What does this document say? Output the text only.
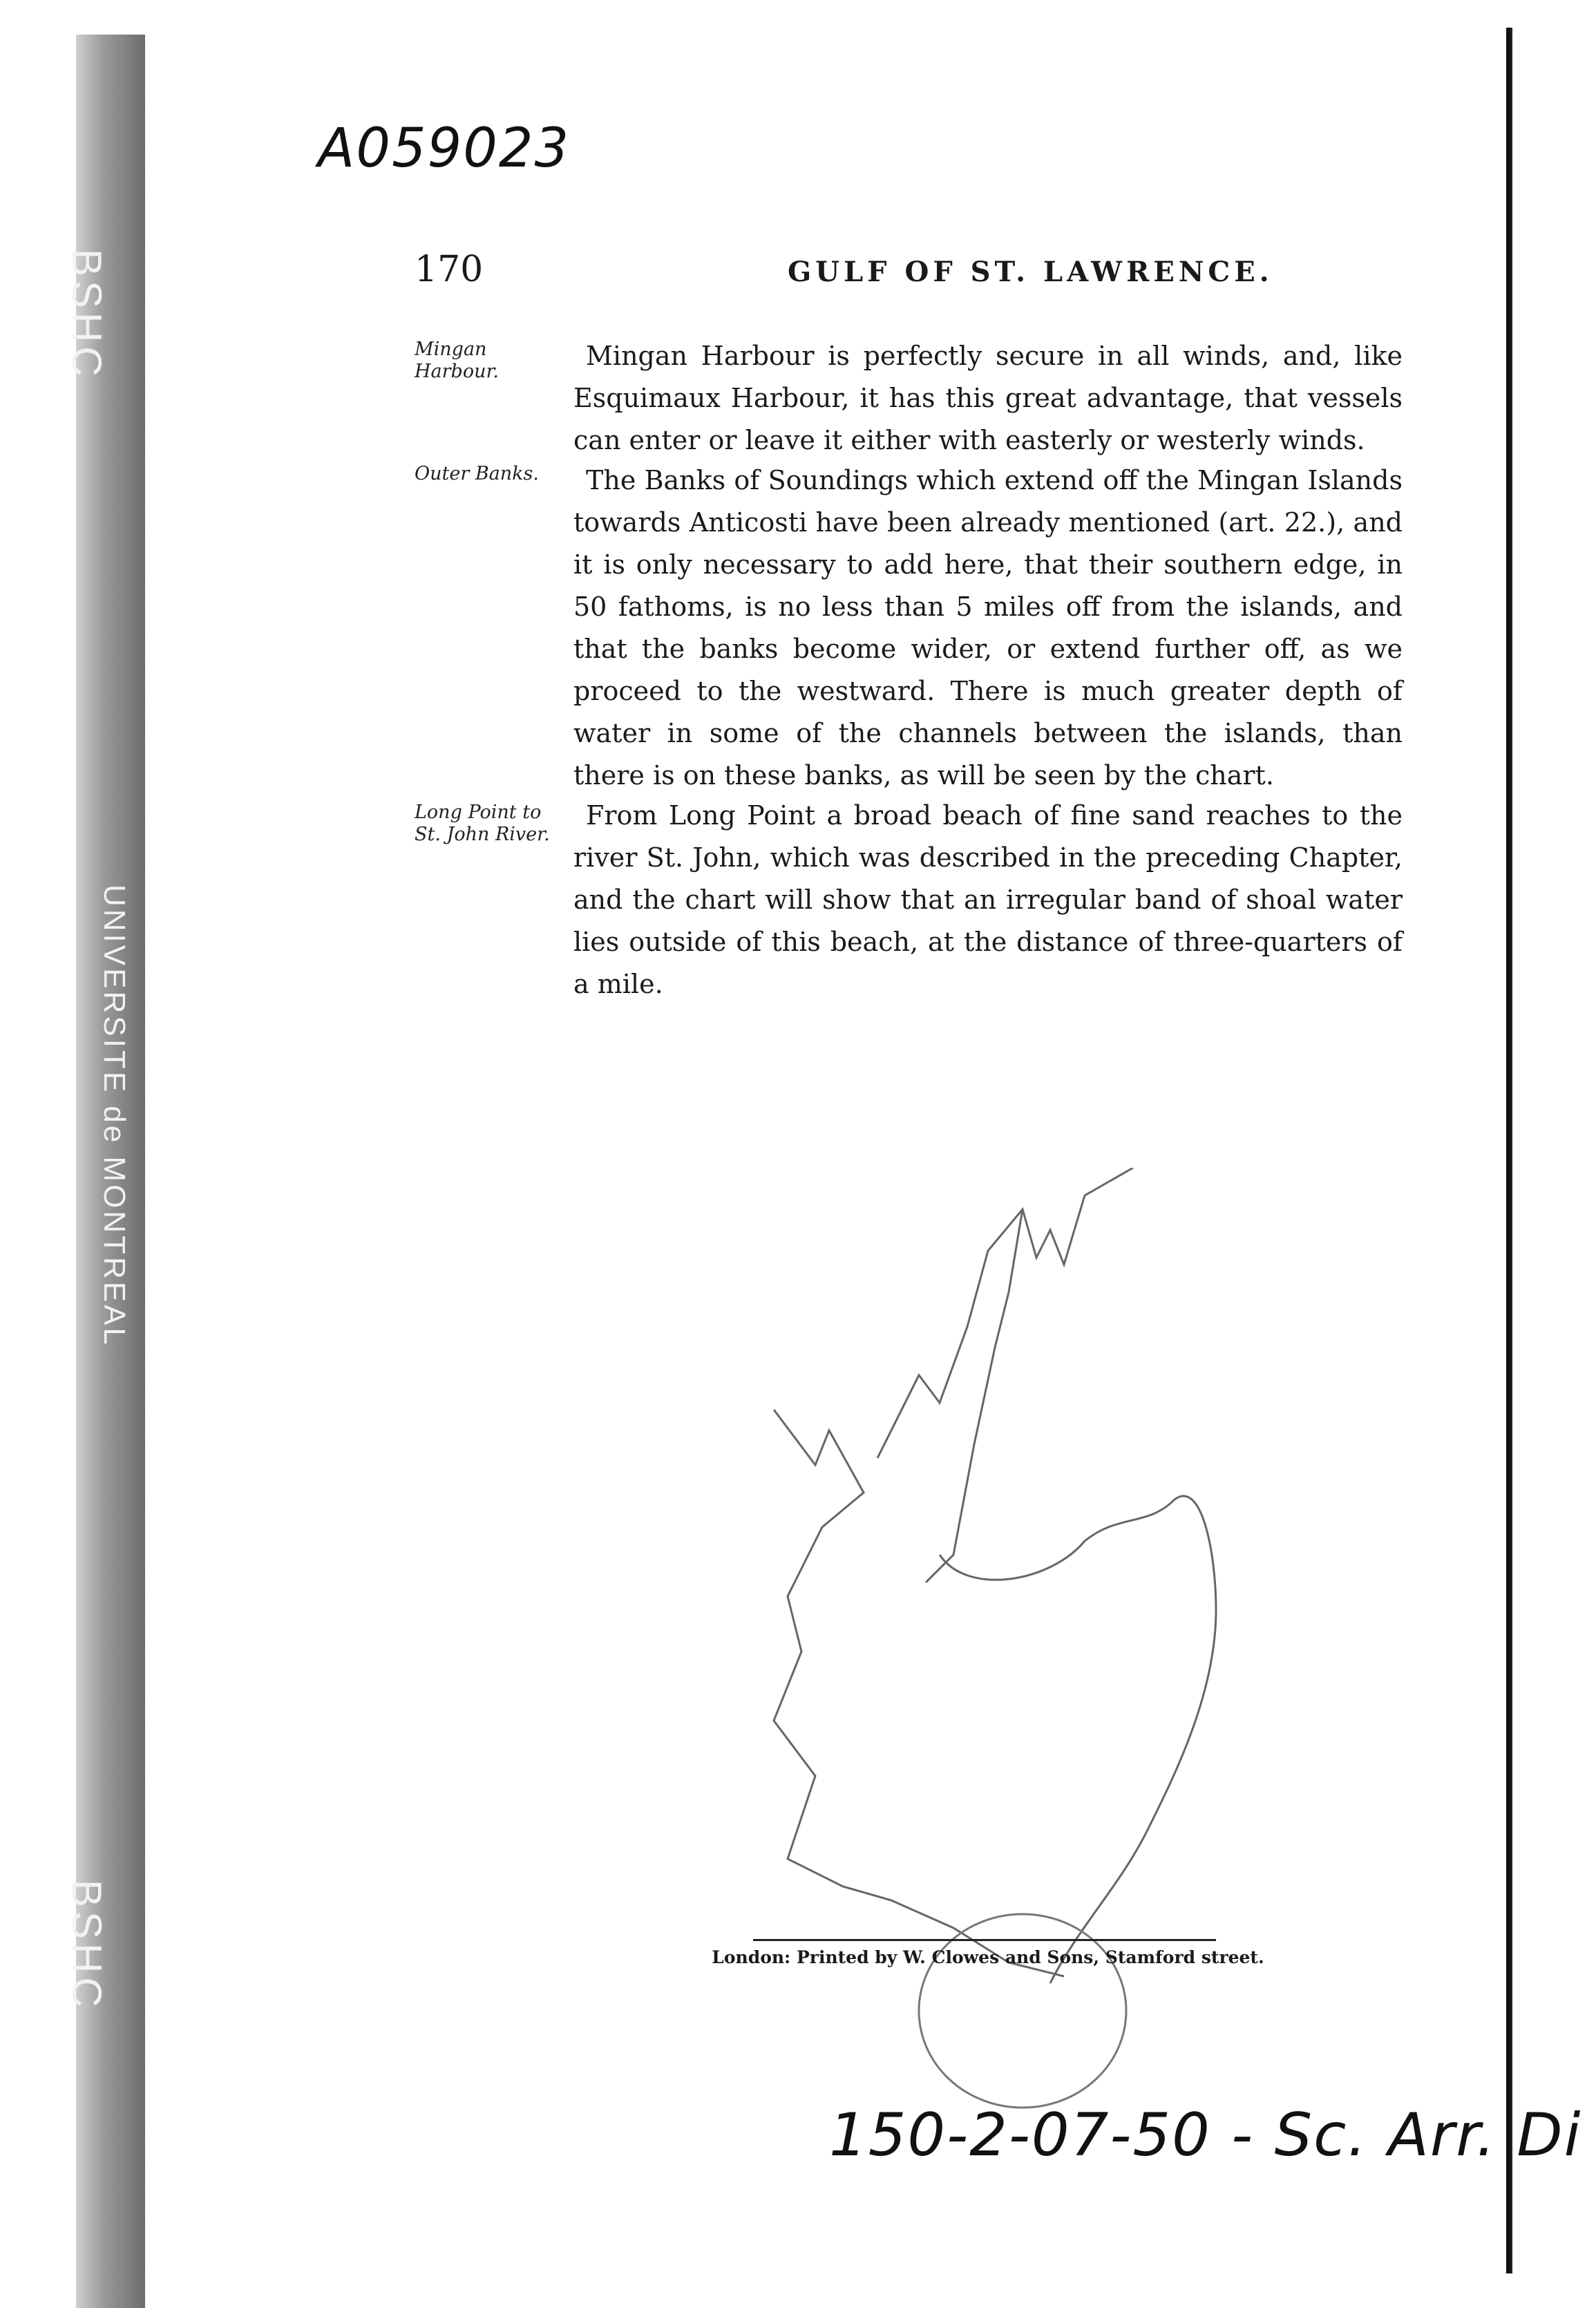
BSHC
UNIVERSITE de MONTREAL
BSHC
A059023
170	GULF OF ST. LAWRENCE.
Mingan Harbour.

Mingan Harbour is perfectly secure in all winds, and, like Esquimaux Harbour, it has this great advantage, that vessels can enter or leave it either with easterly or westerly winds.

Outer Banks.	The Banks of Soundings which extend off the Mingan Islands towards Anticosti have been already mentioned (art. 22.), and it is only necessary to add here, that their southern edge, in 50 fathoms, is no less than 5 miles off from the islands, and that the banks become wider, or extend further off, as we proceed to the westward. There is much greater depth of water in some of the channels between the islands, than there is on these banks, as will be seen by the chart.

Long Point to St. John River.

From Long Point a broad beach of fine sand reaches to the river St. John, which was described in the preceding Chapter, and the chart will show that an irregular band of shoal water lies outside of this beach, at the distance of three-quarters of a mile.

London: Printed by W. Clowes and Sons, Stamford street.
150-2-07-50 - Sc. Arr. Di
